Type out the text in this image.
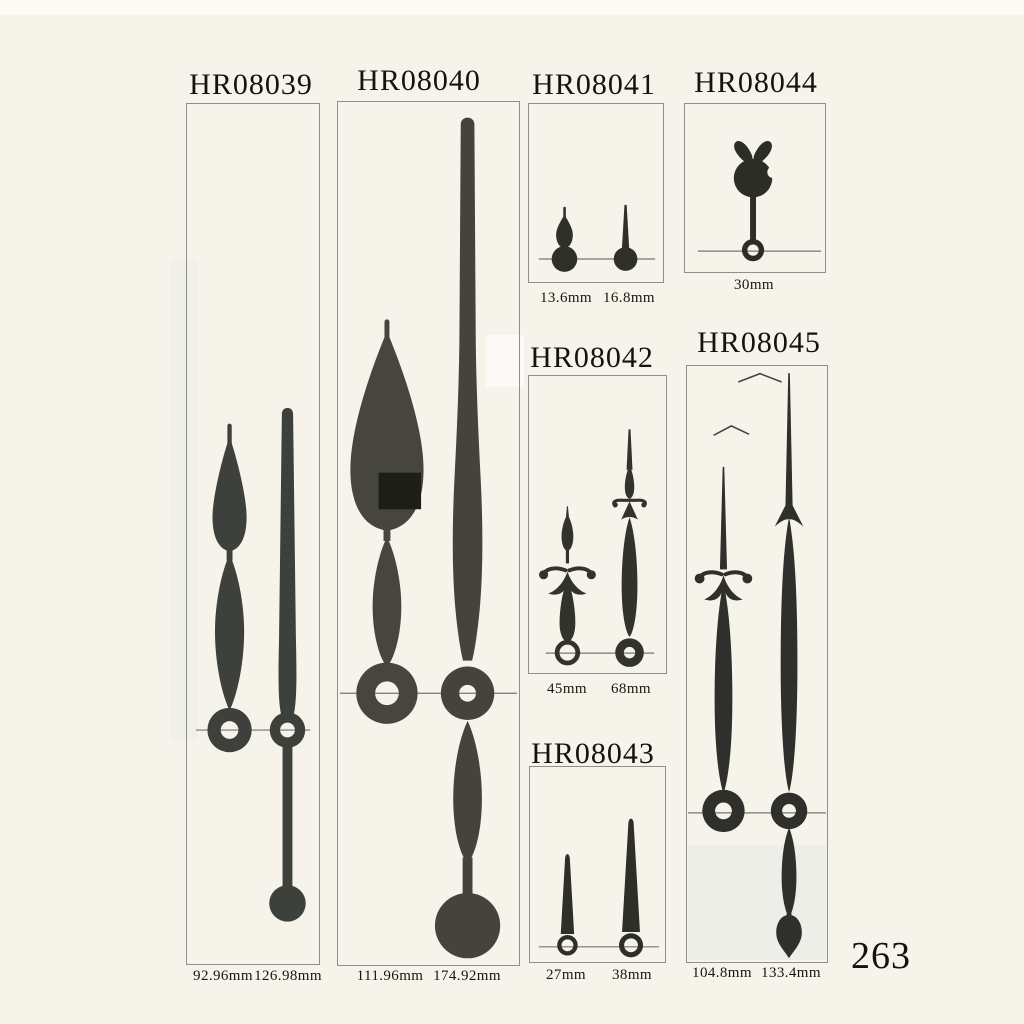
HR08039
92.96mm 126.98mm
HR08040
111.96mm 174.92mm
HR08041
13.6mm 16.8mm
HR08044
30mm
HR08042
45mm 68mm
HR08043
27mm 38mm
HR08045
104.8mm 133.4mm 263
